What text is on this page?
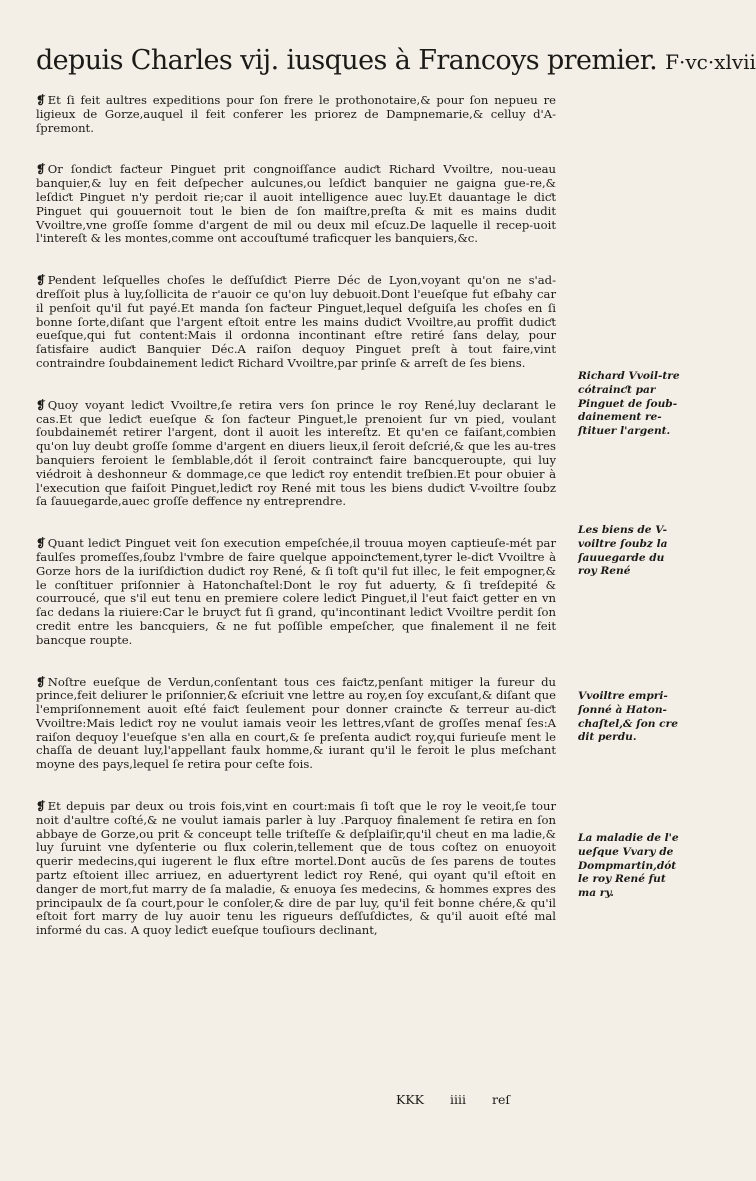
depuis Charles vij. iusques à Francoys premier. F·vc·xlvii

❡ Et ſi feit aultres expeditions pour ſon frere le prothonotaire,& pour ſon nepueu re ligieux de Gorze,auquel il feit conferer les priorez de Dampnemarie,& celluy d'A-ſpremont.

❡ Or ſondiƈt faƈteur Pinguet prit congnoiſſance audiƈt Richard Vvoiltre, nou-ueau banquier,& luy en feit deſpecher aulcunes,ou leſdiƈt banquier ne gaigna gue-re,& leſdiƈt Pinguet n'y perdoit rie;car il auoit intelligence auec luy.Et dauantage le diƈt Pinguet qui gouuernoit tout le bien de ſon maiſtre,preſta & mit es mains dudit Vvoiltre,vne groſſe ſomme d'argent de mil ou deux mil eſcuz.De laquelle il recep-uoit l'intereſt & les montes,comme ont accouſtumé traficquer les banquiers,&c.

❡ Pendent leſquelles choſes le deſſuſdiƈt Pierre Déc de Lyon,voyant qu'on ne s'ad-dreſſoit plus à luy,ſollicita de r'auoir ce qu'on luy debuoit.Dont l'eueſque fut eſbahy car il penſoit qu'il fut payé.Et manda ſon faƈteur Pinguet,lequel deſguiſa les choſes en ſi bonne ſorte,diſant que l'argent eſtoit entre les mains dudiƈt Vvoiltre,au proffit dudiƈt eueſque,qui fut content:Mais il ordonna incontinant eſtre retiré ſans delay, pour ſatisfaire audiƈt Banquier Déc.A raiſon dequoy Pinguet preſt à tout faire,vint contraindre ſoubdainement lediƈt Richard Vvoiltre,par prinſe & arreſt de ſes biens.

❡ Quoy voyant lediƈt Vvoiltre,ſe retira vers ſon prince le roy René,luy declarant le cas.Et que lediƈt eueſque & ſon faƈteur Pinguet,le prenoient ſur vn pied, voulant ſoubdainemét retirer l'argent, dont il auoit les intereſtz. Et qu'en ce faiſant,combien qu'on luy deubt groſſe ſomme d'argent en diuers lieux,il ſeroit deſcrié,& que les au-tres banquiers feroient le ſemblable,dót il ſeroit contrainƈt faire bancqueroupte, qui luy viédroit à deshonneur & dommage,ce que lediƈt roy entendit treſbien.Et pour obuier à l'execution que faiſoit Pinguet,lediƈt roy René mit tous les biens dudiƈt V-voiltre ſoubz ſa ſauuegarde,auec groſſe deffence ny entreprendre.

❡ Quant lediƈt Pinguet veit ſon execution empeſchée,il trouua moyen captieuſe-mét par faulſes promeſſes,ſoubz l'vmbre de faire quelque appoinƈtement,tyrer le-diƈt Vvoiltre à Gorze hors de la iuriſdiƈtion dudiƈt roy René, & ſi toſt qu'il fut illec, le feit empogner,& le conſtituer priſonnier à Hatonchaſtel:Dont le roy fut aduerty, & ſi treſdepité & courroucé, que s'il eut tenu en premiere colere lediƈt Pinguet,il l'eut faiƈt getter en vn ſac dedans la riuiere:Car le bruyƈt fut ſi grand, qu'incontinant lediƈt Vvoiltre perdit ſon credit entre les bancquiers, & ne fut poſſible empeſcher, que finalement il ne feit bancque roupte.

❡ Noſtre eueſque de Verdun,conſentant tous ces faiƈtz,penſant mitiger la fureur du prince,feit deliurer le priſonnier,& eſcriuit vne lettre au roy,en ſoy excuſant,& diſant que l'empriſonnement auoit eſté faiƈt ſeulement pour donner crainƈte & terreur au-diƈt Vvoiltre:Mais lediƈt roy ne voulut iamais veoir les lettres,vſant de groſſes menaſ ſes:A raiſon dequoy l'eueſque s'en alla en court,& ſe preſenta audiƈt roy,qui furieuſe ment le chaſſa de deuant luy,l'appellant faulx homme,& iurant qu'il le feroit le plus meſchant moyne des pays,lequel ſe retira pour ceſte fois.

❡ Et depuis par deux ou trois fois,vint en court:mais ſi toſt que le roy le veoit,ſe tour noit d'aultre coſté,& ne voulut iamais parler à luy .Parquoy finalement ſe retira en ſon abbaye de Gorze,ou prit & conceupt telle triſteſſe & deſplaiſir,qu'il cheut en ma ladie,& luy ſuruint vne dyſenterie ou flux colerin,tellement que de tous coſtez on enuoyoit querir medecins,qui iugerent le flux eſtre mortel.Dont aucũs de ſes parens de toutes partz eſtoient illec arriuez, en aduertyrent lediƈt roy René, qui oyant qu'il eſtoit en danger de mort,fut marry de ſa maladie, & enuoya ſes medecins, & hommes expres des principaulx de ſa court,pour le conſoler,& dire de par luy, qu'il feit bonne chére,& qu'il eſtoit fort marry de luy auoir tenu les rigueurs deſſuſdiƈtes, & qu'il auoit eſté mal informé du cas. A quoy lediƈt eueſque touſiours declinant,

Richard Vvoil-tre cótrainƈt par Pinguet de ſoub-dainement re-ſtituer l'argent.
Les biens de V-voiltre ſoubz la ſauuegarde du roy René
Vvoiltre empri-ſonné à Haton-chaſtel,& ſon cre dit perdu.
La maladie de l'e ueſque Vvary de Dompmartin,dót le roy René fut ma ry.
KKK iiii reſ
